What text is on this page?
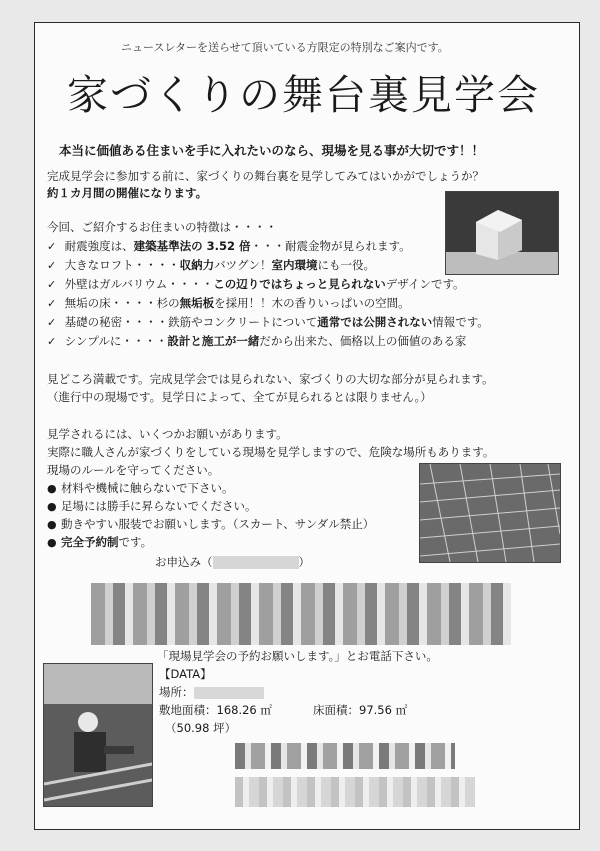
ニュースレターを送らせて頂いている方限定の特別なご案内です。
家づくりの舞台裏見学会
本当に価値ある住まいを手に入れたいのなら、現場を見る事が大切です！！
完成見学会に参加する前に、家づくりの舞台裏を見学してみてはいかがでしょうか？
約１カ月間の開催になります。
今回、ご紹介するお住まいの特徴は・・・・
✓ 耐震強度は、建築基準法の 3.52 倍・・・耐震金物が見られます。
✓ 大きなロフト・・・・収納力バツグン！室内環境にも一役。
✓ 外壁はガルバリウム・・・・この辺りではちょっと見られないデザインです。
✓ 無垢の床・・・・杉の無垢板を採用！！木の香りいっぱいの空間。
✓ 基礎の秘密・・・・鉄筋やコンクリートについて通常では公開されない情報です。
✓ シンプルに・・・・設計と施工が一緒だから出来た、価格以上の価値のある家
見どころ満載です。完成見学会では見られない、家づくりの大切な部分が見られます。
（進行中の現場です。見学日によって、全てが見られるとは限りません。）
見学されるには、いくつかお願いがあります。
実際に職人さんが家づくりをしている現場を見学しますので、危険な場所もあります。
現場のルールを守ってください。
● 材料や機械に触らないで下さい。
● 足場には勝手に昇らないでください。
● 動きやすい服装でお願いします。（スカート、サンダル禁止）
● 完全予約制です。
お申込み（	）
「現場見学会の予約お願いします。」とお電話下さい。
【DATA】
場所：
敷地面積：168.26 ㎡	床面積：97.56 ㎡
（50.98 坪）
